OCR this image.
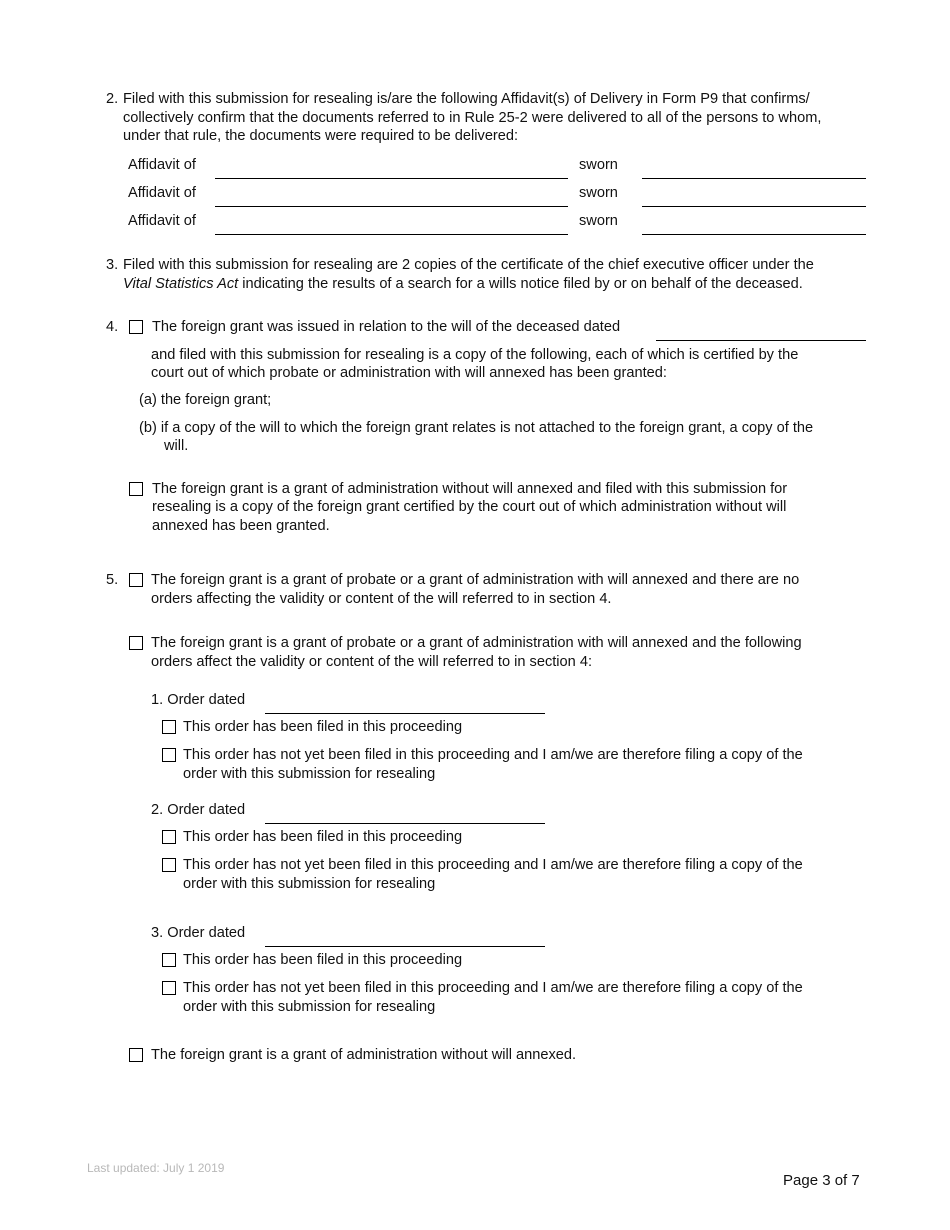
2. Filed with this submission for resealing is/are the following Affidavit(s) of Delivery in Form P9 that confirms/
collectively confirm that the documents referred to in Rule 25-2 were delivered to all of the persons to whom,
under that rule, the documents were required to be delivered:
Affidavit of	sworn
Affidavit of	sworn
Affidavit of	sworn
3. Filed with this submission for resealing are 2 copies of the certificate of the chief executive officer under the
Vital Statistics Act indicating the results of a search for a wills notice filed by or on behalf of the deceased.
4. The foreign grant was issued in relation to the will of the deceased dated
and filed with this submission for resealing is a copy of the following, each of which is certified by the
court out of which probate or administration with will annexed has been granted:
(a) the foreign grant;
(b) if a copy of the will to which the foreign grant relates is not attached to the foreign grant, a copy of the
will.
The foreign grant is a grant of administration without will annexed and filed with this submission for
resealing is a copy of the foreign grant certified by the court out of which administration without will
annexed has been granted.
5. The foreign grant is a grant of probate or a grant of administration with will annexed and there are no
orders affecting the validity or content of the will referred to in section 4.
The foreign grant is a grant of probate or a grant of administration with will annexed and the following
orders affect the validity or content of the will referred to in section 4:
1. Order dated
This order has been filed in this proceeding
This order has not yet been filed in this proceeding and I am/we are therefore filing a copy of the
order with this submission for resealing
2. Order dated
This order has been filed in this proceeding
This order has not yet been filed in this proceeding and I am/we are therefore filing a copy of the
order with this submission for resealing
3. Order dated
This order has been filed in this proceeding
This order has not yet been filed in this proceeding and I am/we are therefore filing a copy of the
order with this submission for resealing
The foreign grant is a grant of administration without will annexed.
Last updated: July 1 2019
Page 3 of 7
